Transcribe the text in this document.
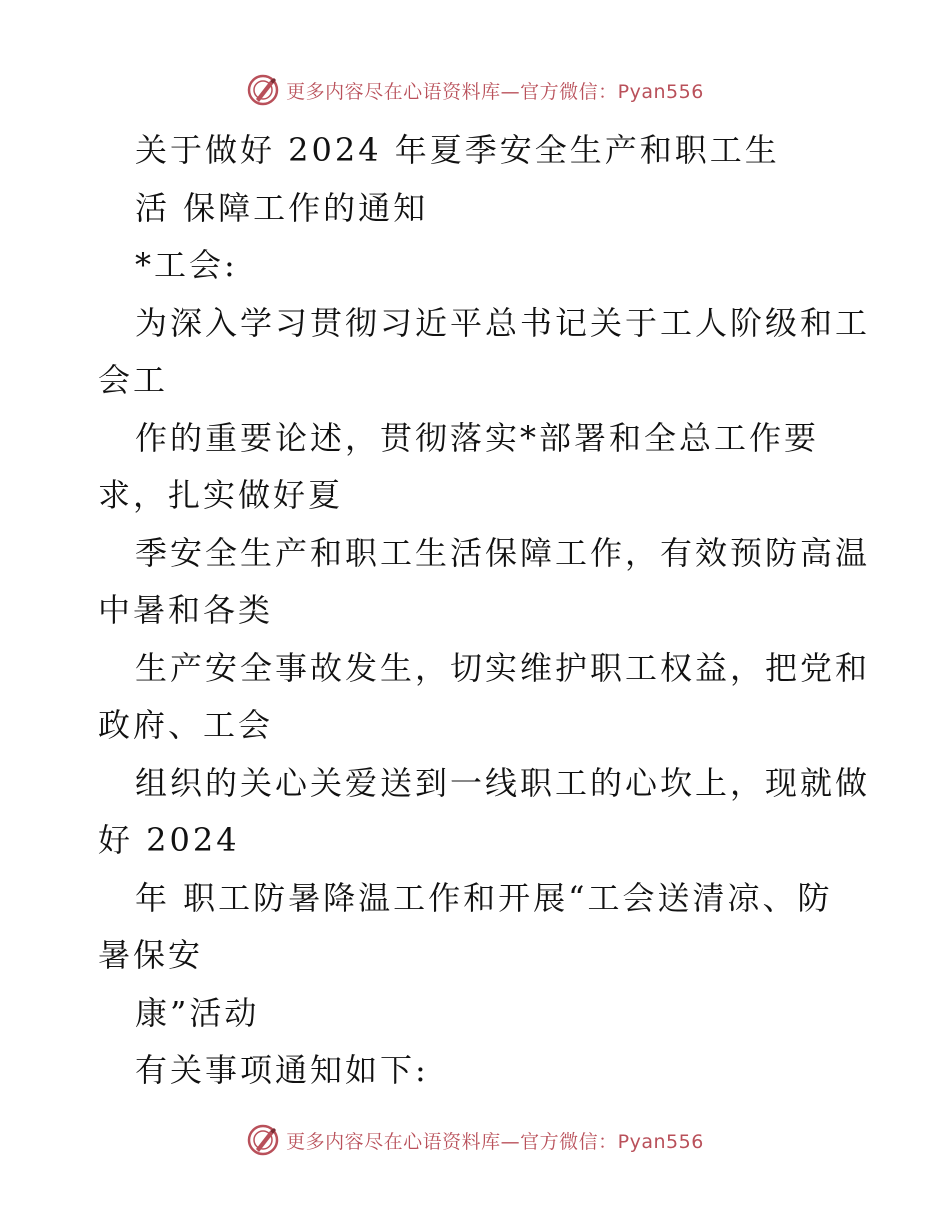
更多内容尽在心语资料库—官方微信：Pyan556
关于做好 2024 年夏季安全生产和职工生
活 保障工作的通知
*工会:
为深入学习贯彻习近平总书记关于工人阶级和工
会工
作的重要论述，贯彻落实*部署和全总工作要
求，扎实做好夏
季安全生产和职工生活保障工作，有效预防高温
中暑和各类
生产安全事故发生，切实维护职工权益，把党和
政府、工会
组织的关心关爱送到一线职工的心坎上，现就做
好 2024
年 职工防暑降温工作和开展“工会送清凉、防
暑保安
康”活动
有关事项通知如下:
更多内容尽在心语资料库—官方微信：Pyan556
